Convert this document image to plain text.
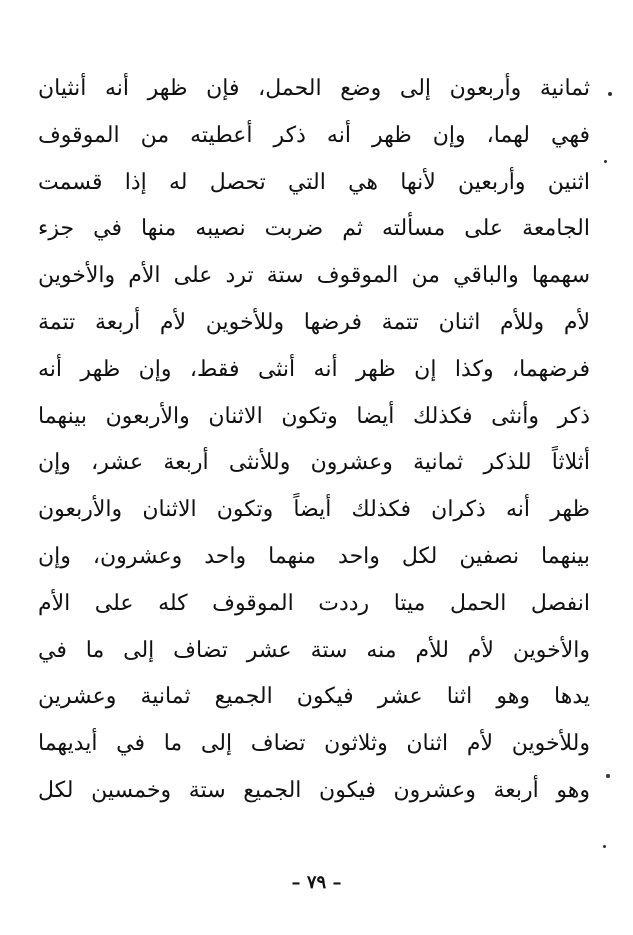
ثمانية وأربعون إلى وضع الحمل، فإن ظهر أنه أنثيان
فهي لهما، وإن ظهر أنه ذكر أعطيته من الموقوف
اثنين وأربعين لأنها هي التي تحصل له إذا قسمت
الجامعة على مسألته ثم ضربت نصيبه منها في جزء
سهمها والباقي من الموقوف ستة ترد على الأم والأخوين
لأم وللأم اثنان تتمة فرضها وللأخوين لأم أربعة تتمة
فرضهما، وكذا إن ظهر أنه أنثى فقط، وإن ظهر أنه
ذكر وأنثى فكذلك أيضا وتكون الاثنان والأربعون بينهما
أثلاثاً للذكر ثمانية وعشرون وللأنثى أربعة عشر، وإن
ظهر أنه ذكران فكذلك أيضاً وتكون الاثنان والأربعون
بينهما نصفين لكل واحد منهما واحد وعشرون، وإن
انفصل الحمل ميتا رددت الموقوف كله على الأم
والأخوين لأم للأم منه ستة عشر تضاف إلى ما في
يدها وهو اثنا عشر فيكون الجميع ثمانية وعشرين
وللأخوين لأم اثنان وثلاثون تضاف إلى ما في أيديهما
وهو أربعة وعشرون فيكون الجميع ستة وخمسين لكل
– ٧٩ –
